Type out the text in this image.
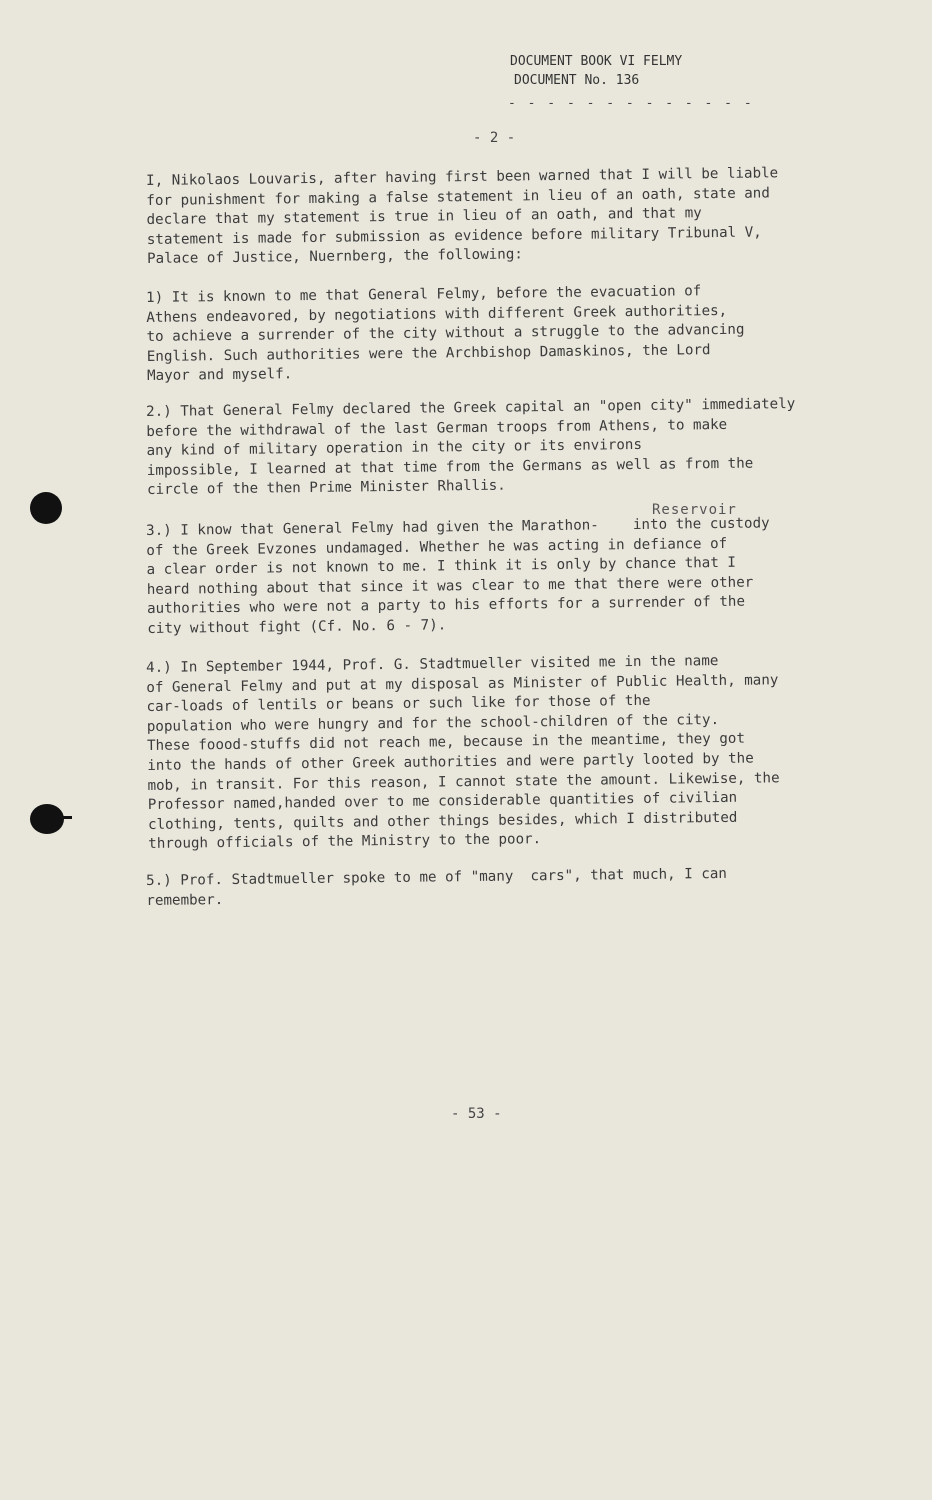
DOCUMENT BOOK VI FELMY
DOCUMENT No. 136
- - - - - - - - - - - - -
- 2 -
I, Nikolaos Louvaris, after having first been warned that I will be liable
for punishment for making a false statement in lieu of an oath, state and
declare that my statement is true in lieu of an oath, and that my
statement is made for submission as evidence before military Tribunal V,
Palace of Justice, Nuernberg, the following:
1) It is known to me that General Felmy, before the evacuation of
Athens endeavored, by negotiations with different Greek authorities,
to achieve a surrender of the city without a struggle to the advancing
English. Such authorities were the Archbishop Damaskinos, the Lord
Mayor and myself.
2.) That General Felmy declared the Greek capital an "open city" immediately
before the withdrawal of the last German troops from Athens, to make
any kind of military operation in the city or its environs
impossible, I learned at that time from the Germans as well as from the
circle of the then Prime Minister Rhallis.
Reservoir
3.) I know that General Felmy had given the Marathon-    into the custody
of the Greek Evzones undamaged. Whether he was acting in defiance of
a clear order is not known to me. I think it is only by chance that I
heard nothing about that since it was clear to me that there were other
authorities who were not a party to his efforts for a surrender of the
city without fight (Cf. No. 6 - 7).
4.) In September 1944, Prof. G. Stadtmueller visited me in the name
of General Felmy and put at my disposal as Minister of Public Health, many
car-loads of lentils or beans or such like for those of the
population who were hungry and for the school-children of the city.
These foood-stuffs did not reach me, because in the meantime, they got
into the hands of other Greek authorities and were partly looted by the
mob, in transit. For this reason, I cannot state the amount. Likewise, the
Professor named,handed over to me considerable quantities of civilian
clothing, tents, quilts and other things besides, which I distributed
through officials of the Ministry to the poor.
5.) Prof. Stadtmueller spoke to me of "many  cars", that much, I can
remember.
- 53 -
